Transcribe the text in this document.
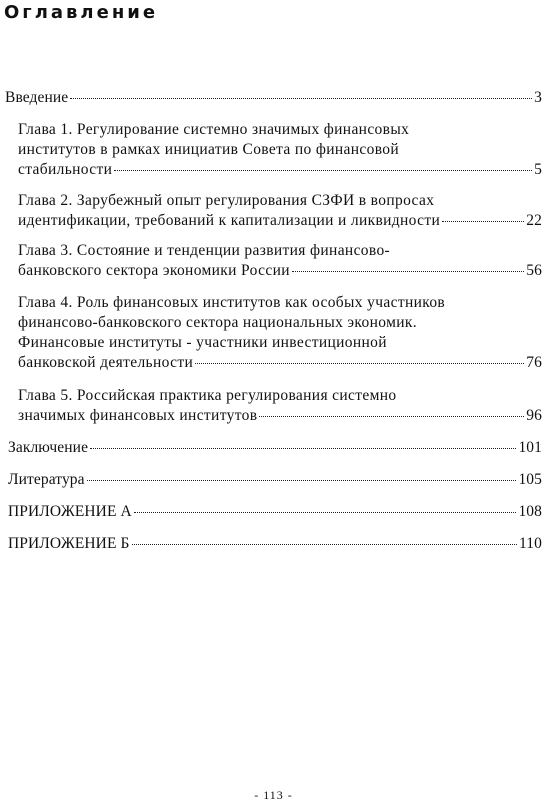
Оглавление
Введение	3
Глава 1. Регулирование системно значимых финансовых
институтов в рамках инициатив Совета по финансовой
стабильности	5
Глава 2. Зарубежный опыт регулирования СЗФИ в вопросах
идентификации, требований к капитализации и ликвидности	22
Глава 3. Состояние и тенденции развития финансово-
банковского сектора экономики России	56
Глава 4. Роль финансовых институтов как особых участников
финансово-банковского сектора национальных экономик.
Финансовые институты - участники инвестиционной
банковской деятельности	76
Глава 5. Российская практика регулирования системно
значимых финансовых институтов	96
Заключение	101
Литература	105
ПРИЛОЖЕНИЕ А	108
ПРИЛОЖЕНИЕ Б	110
- 113 -
